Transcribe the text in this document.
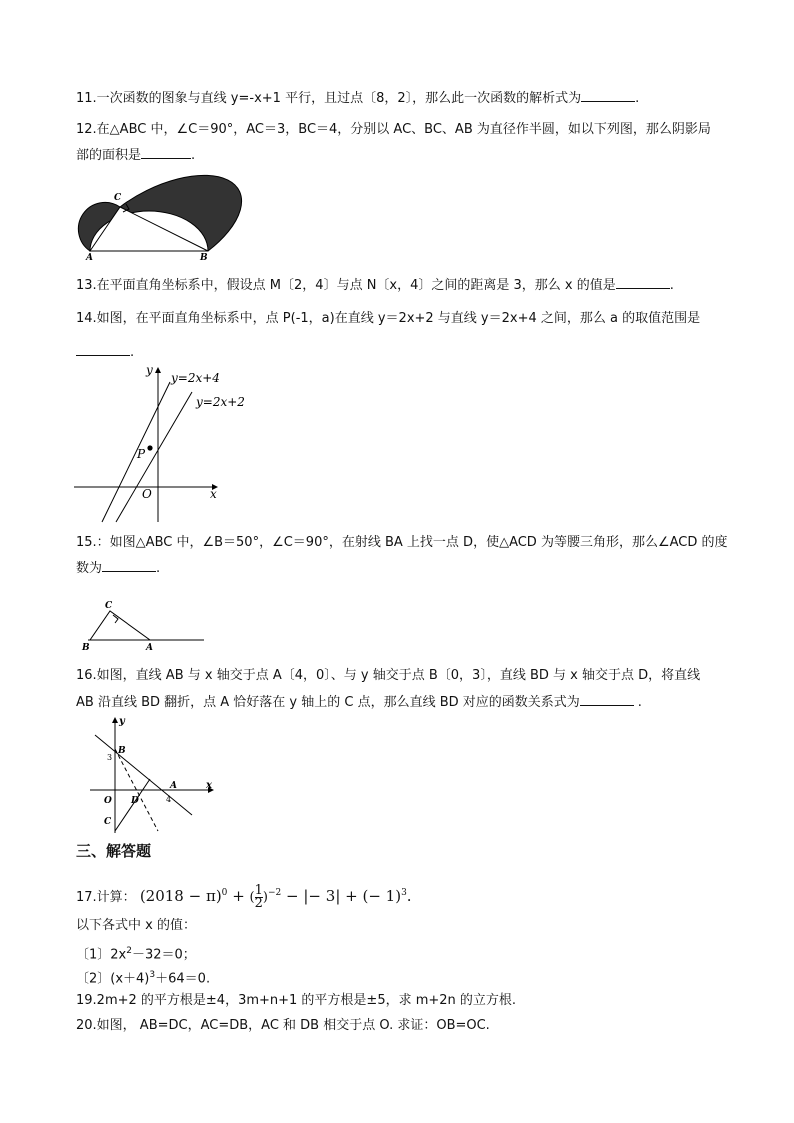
11.一次函数的图象与直线 y=-x+1 平行，且过点〔8，2〕，那么此一次函数的解析式为	.
12.在△ABC 中，∠C＝90°，AC＝3，BC＝4，分别以 AC、BC、AB 为直径作半圆，如以下列图，那么阴影局
部的面积是	.
C
A	B
13.在平面直角坐标系中，假设点 M〔2，4〕与点 N〔x，4〕之间的距离是 3，那么 x 的值是	.
14.如图，在平面直角坐标系中，点 P(-1，a)在直线 y＝2x+2 与直线 y＝2x+4 之间，那么 a 的取值范围是
.
P
O
y
x
y=2x+4
y=2x+2
15.：如图△ABC 中，∠B＝50°，∠C＝90°，在射线 BA 上找一点 D，使△ACD 为等腰三角形，那么∠ACD 的度
数为	.
C
B	A
16.如图，直线 AB 与 x 轴交于点 A〔4，0〕、与 y 轴交于点 B〔0，3〕，直线 BD 与 x 轴交于点 D，将直线
AB 沿直线 BD 翻折，点 A 恰好落在 y 轴上的 C 点，那么直线 BD 对应的函数关系式为	.
y
x
B
3
A
4
O D
C
三、解答题
17.计算： $(2018 - \pi)^0$ + ( $\frac{1}{2} )^{-2}$ − |− 3| + (− 1)$^3$.
以下各式中 x 的值：
〔1〕$2x^2-32=0$；
〔2〕$(x+4)^3+64=0$.
19.2m+2 的平方根是±4，3m+n+1 的平方根是±5，求 m+2n 的立方根.
20.如图， AB=DC，AC=DB，AC 和 DB 相交于点 O. 求证：OB=OC.
